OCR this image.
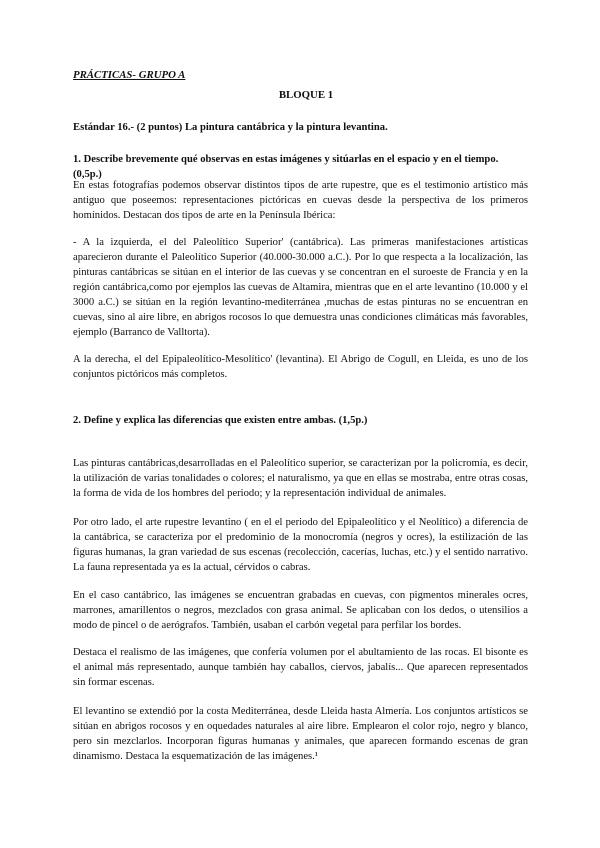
PRÁCTICAS- GRUPO A
BLOQUE 1
Estándar 16.- (2 puntos) La pintura cantábrica y la pintura levantina.
1. Describe brevemente qué observas en estas imágenes y sitúarlas en el espacio y en el tiempo. (0,5p.)

En estas fotografías podemos observar distintos tipos de arte rupestre, que es el testimonio artístico más antiguo que poseemos: representaciones pictóricas en cuevas desde la perspectiva de los primeros homínidos. Destacan dos tipos de arte en la Península Ibérica:

- A la izquierda, el del Paleolítico Superior' (cantábrica). Las primeras manifestaciones artísticas aparecieron durante el Paleolítico Superior (40.000-30.000 a.C.). Por lo que respecta a la localización, las pinturas cantábricas se sitúan en el interior de las cuevas y se concentran en el suroeste de Francia y en la región cantábrica,como por ejemplos las cuevas de Altamira, mientras que en el arte levantino (10.000 y el 3000 a.C.) se sitúan en la región levantino-mediterránea ,muchas de estas pinturas no se encuentran en cuevas, sino al aire libre, en abrigos rocosos lo que demuestra unas condiciones climáticas más favorables, ejemplo (Barranco de Valltorta).

A la derecha, el del Epipaleolítico-Mesolítico' (levantina). El Abrigo de Cogull, en Lleida, es uno de los conjuntos pictóricos más completos.

2. Define y explica las diferencias que existen entre ambas. (1,5p.)

Las pinturas cantábricas,desarrolladas en el Paleolítico superior, se caracterizan por la policromía, es decir, la utilización de varias tonalidades o colores; el naturalismo, ya que en ellas se mostraba, entre otras cosas, la forma de vida de los hombres del periodo; y la representación individual de animales.

Por otro lado, el arte rupestre levantino ( en el el periodo del Epipaleolítico y el Neolítico) a diferencia de la cantábrica, se caracteriza por el predominio de la monocromía (negros y ocres), la estilización de las figuras humanas, la gran variedad de sus escenas (recolección, cacerías, luchas, etc.) y el sentido narrativo. La fauna representada ya es la actual, cérvidos o cabras.

En el caso cantábrico, las imágenes se encuentran grabadas en cuevas, con pigmentos minerales ocres, marrones, amarillentos o negros, mezclados con grasa animal. Se aplicaban con los dedos, o utensilios a modo de pincel o de aerógrafos. También, usaban el carbón vegetal para perfilar los bordes.

Destaca el realismo de las imágenes, que confería volumen por el abultamiento de las rocas. El bisonte es el animal más representado, aunque también hay caballos, ciervos, jabalís... Que aparecen representados sin formar escenas.

El levantino se extendió por la costa Mediterránea, desde Lleida hasta Almería. Los conjuntos artísticos se sitúan en abrigos rocosos y en oquedades naturales al aire libre. Emplearon el color rojo, negro y blanco, pero sin mezclarlos. Incorporan figuras humanas y animales, que aparecen formando escenas de gran dinamismo. Destaca la esquematización de las imágenes.¹
